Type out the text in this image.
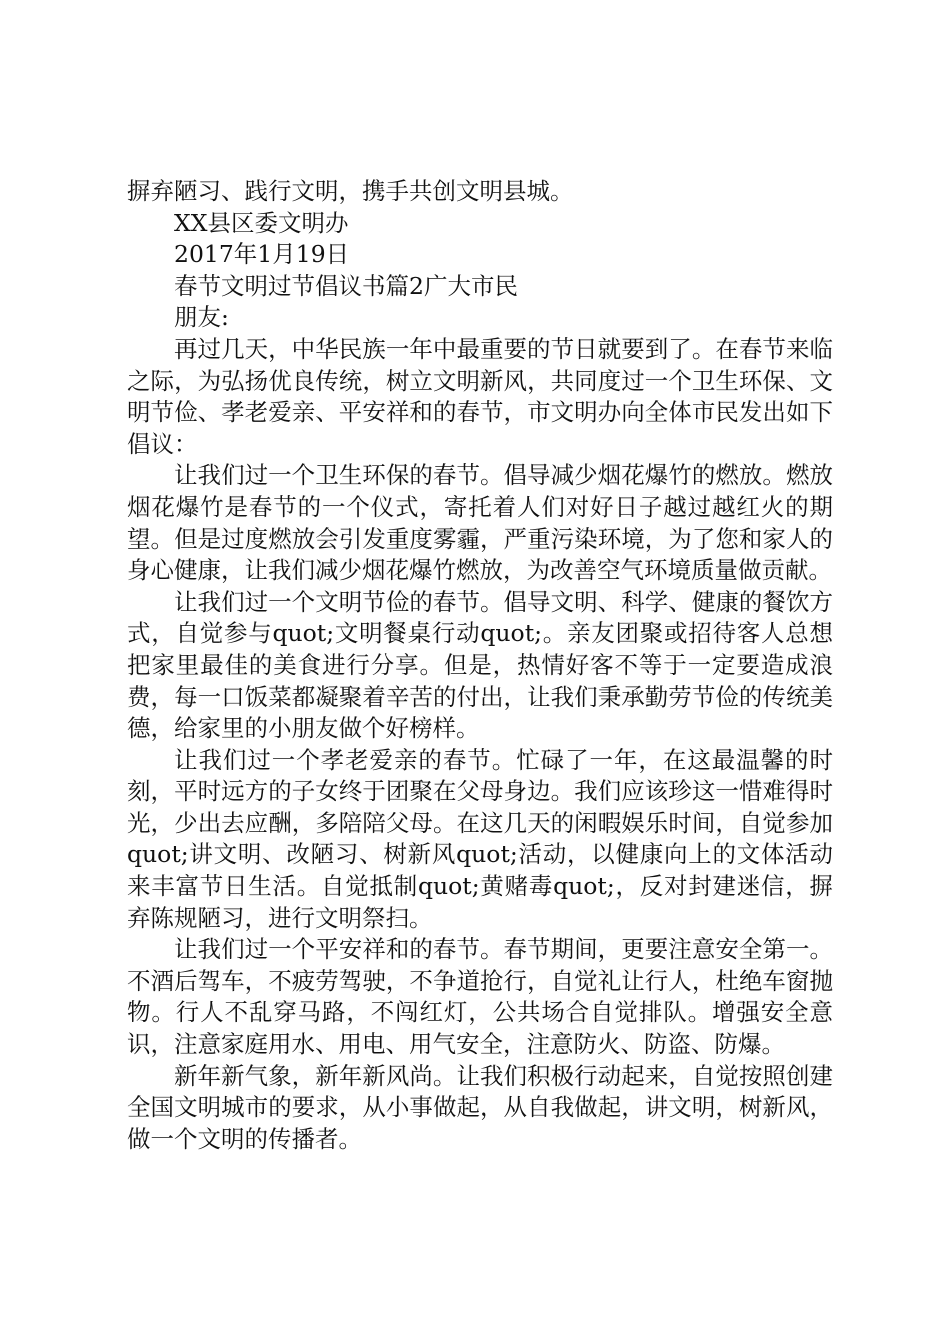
摒弃陋习、践行文明，携手共创文明县城。

XX县区委文明办

2017年1月19日

春节文明过节倡议书篇2广大市民

朋友:

再过几天，中华民族一年中最重要的节日就要到了。在春节来临之际，为弘扬优良传统，树立文明新风，共同度过一个卫生环保、文明节俭、孝老爱亲、平安祥和的春节，市文明办向全体市民发出如下倡议：

让我们过一个卫生环保的春节。倡导减少烟花爆竹的燃放。燃放烟花爆竹是春节的一个仪式，寄托着人们对好日子越过越红火的期望。但是过度燃放会引发重度雾霾，严重污染环境，为了您和家人的身心健康，让我们减少烟花爆竹燃放，为改善空气环境质量做贡献。

让我们过一个文明节俭的春节。倡导文明、科学、健康的餐饮方式，自觉参与quot;文明餐桌行动quot;。亲友团聚或招待客人总想把家里最佳的美食进行分享。但是，热情好客不等于一定要造成浪费，每一口饭菜都凝聚着辛苦的付出，让我们秉承勤劳节俭的传统美德，给家里的小朋友做个好榜样。

让我们过一个孝老爱亲的春节。忙碌了一年，在这最温馨的时刻，平时远方的子女终于团聚在父母身边。我们应该珍这一惜难得时光，少出去应酬，多陪陪父母。在这几天的闲暇娱乐时间，自觉参加quot;讲文明、改陋习、树新风quot;活动，以健康向上的文体活动来丰富节日生活。自觉抵制quot;黄赌毒quot;，反对封建迷信，摒弃陈规陋习，进行文明祭扫。

让我们过一个平安祥和的春节。春节期间，更要注意安全第一。不酒后驾车，不疲劳驾驶，不争道抢行，自觉礼让行人，杜绝车窗抛物。行人不乱穿马路，不闯红灯，公共场合自觉排队。增强安全意识，注意家庭用水、用电、用气安全，注意防火、防盗、防爆。

新年新气象，新年新风尚。让我们积极行动起来，自觉按照创建全国文明城市的要求，从小事做起，从自我做起，讲文明，树新风，做一个文明的传播者。
